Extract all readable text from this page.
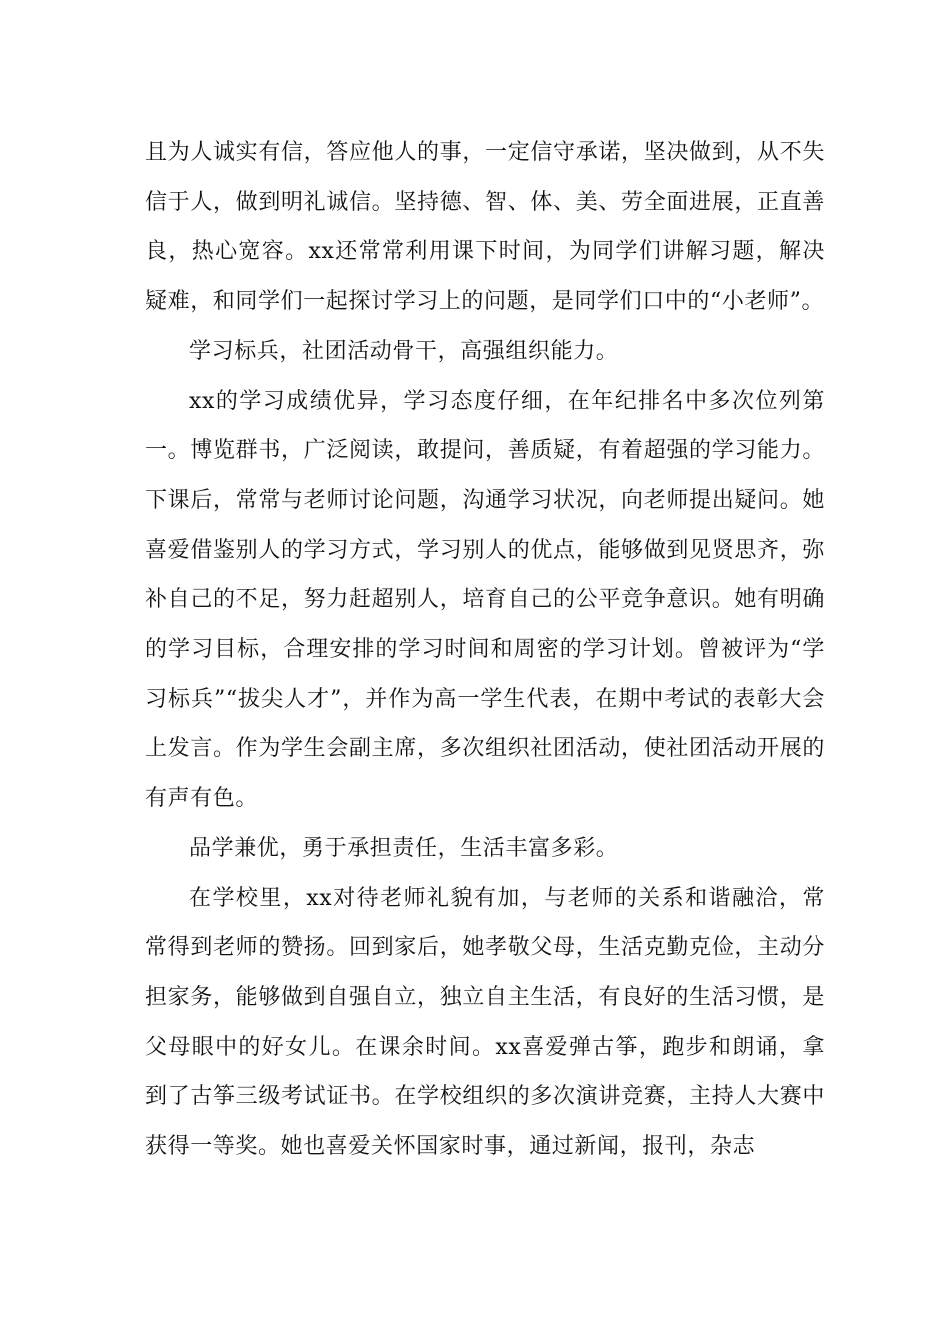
且为人诚实有信，答应他人的事，一定信守承诺，坚决做到，从不失信于人，做到明礼诚信。坚持德、智、体、美、劳全面进展，正直善良，热心宽容。xx还常常利用课下时间，为同学们讲解习题，解决疑难，和同学们一起探讨学习上的问题，是同学们口中的“小老师”。

学习标兵，社团活动骨干，高强组织能力。

xx的学习成绩优异，学习态度仔细，在年纪排名中多次位列第一。博览群书，广泛阅读，敢提问，善质疑，有着超强的学习能力。下课后，常常与老师讨论问题，沟通学习状况，向老师提出疑问。她喜爱借鉴别人的学习方式，学习别人的优点，能够做到见贤思齐，弥补自己的不足，努力赶超别人，培育自己的公平竞争意识。她有明确的学习目标，合理安排的学习时间和周密的学习计划。曾被评为“学习标兵”“拔尖人才”，并作为高一学生代表，在期中考试的表彰大会上发言。作为学生会副主席，多次组织社团活动，使社团活动开展的有声有色。

品学兼优，勇于承担责任，生活丰富多彩。

在学校里，xx对待老师礼貌有加，与老师的关系和谐融洽，常常得到老师的赞扬。回到家后，她孝敬父母，生活克勤克俭，主动分担家务，能够做到自强自立，独立自主生活，有良好的生活习惯，是父母眼中的好女儿。在课余时间。xx喜爱弹古筝，跑步和朗诵，拿到了古筝三级考试证书。在学校组织的多次演讲竞赛，主持人大赛中获得一等奖。她也喜爱关怀国家时事，通过新闻，报刊，杂志
